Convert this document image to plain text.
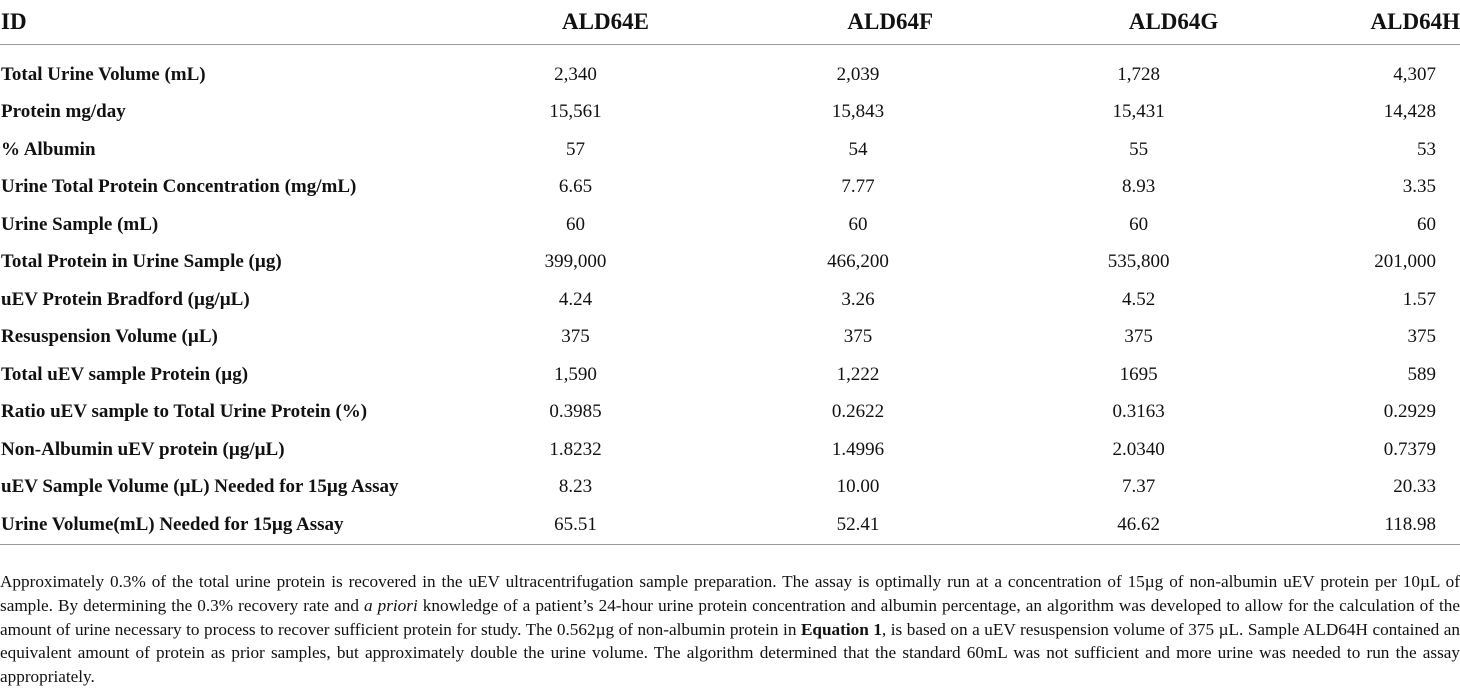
ID	ALD64E	ALD64F	ALD64G	ALD64H

Total Urine Volume (mL)	2,340	2,039	1,728	4,307
Protein mg/day	15,561	15,843	15,431	14,428
% Albumin	57	54	55	53
Urine Total Protein Concentration (mg/mL)	6.65	7.77	8.93	3.35
Urine Sample (mL)	60	60	60	60
Total Protein in Urine Sample (µg)	399,000	466,200	535,800	201,000
uEV Protein Bradford (µg/µL)	4.24	3.26	4.52	1.57
Resuspension Volume (µL)	375	375	375	375
Total uEV sample Protein (µg)	1,590	1,222	1695	589
Ratio uEV sample to Total Urine Protein (%)	0.3985	0.2622	0.3163	0.2929
Non-Albumin uEV protein (µg/µL)	1.8232	1.4996	2.0340	0.7379
uEV Sample Volume (µL) Needed for 15µg Assay	8.23	10.00	7.37	20.33
Urine Volume(mL) Needed for 15µg Assay	65.51	52.41	46.62	118.98

Approximately 0.3% of the total urine protein is recovered in the uEV ultracentrifugation sample preparation. The assay is optimally run at a concentration of 15µg of non-albumin uEV protein per 10µL of sample. By determining the 0.3% recovery rate and a priori knowledge of a patient’s 24-hour urine protein concentration and albumin percentage, an algorithm was developed to allow for the calculation of the amount of urine necessary to process to recover sufficient protein for study. The 0.562µg of non-albumin protein in Equation 1, is based on a uEV resuspension volume of 375 µL. Sample ALD64H contained an equivalent amount of protein as prior samples, but approximately double the urine volume. The algorithm determined that the standard 60mL was not sufficient and more urine was needed to run the assay appropriately.
